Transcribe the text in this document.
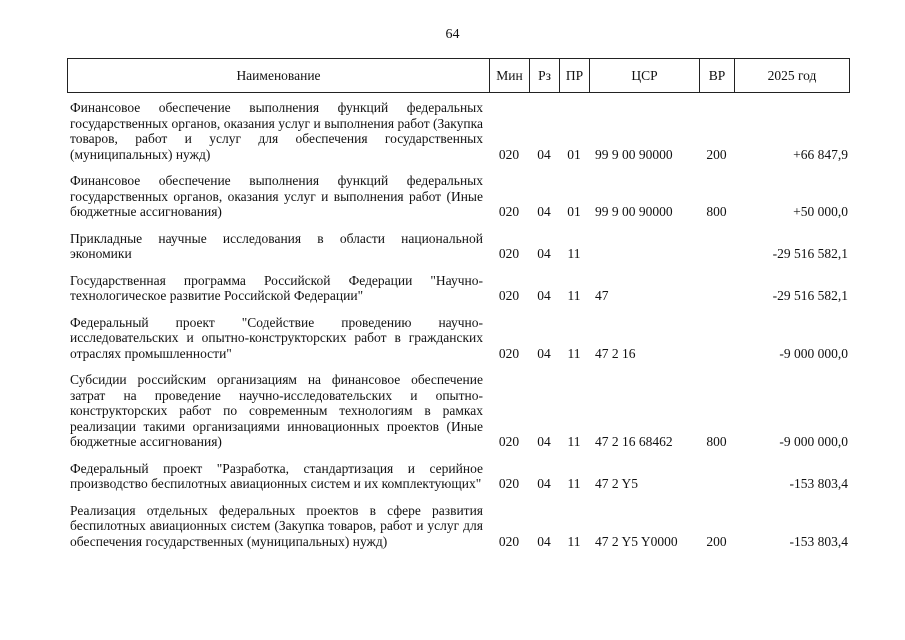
64
Наименование	Мин	Рз	ПР	ЦСР	ВР	2025 год
Финансовое обеспечение выполнения функций федеральных государственных органов, оказания услуг и выполнения работ (Закупка товаров, работ и услуг для обеспечения государственных (муниципальных) нужд)	020	04	01	99 9 00 90000	200	+66 847,9
Финансовое обеспечение выполнения функций федеральных государственных органов, оказания услуг и выполнения работ (Иные бюджетные ассигнования)	020	04	01	99 9 00 90000	800	+50 000,0
Прикладные научные исследования в области национальной экономики	020	04	11			-29 516 582,1
Государственная программа Российской Федерации "Научно-технологическое развитие Российской Федерации"	020	04	11	47		-29 516 582,1
Федеральный проект "Содействие проведению научно-исследовательских и опытно-конструкторских работ в гражданских отраслях промышленности"	020	04	11	47 2 16		-9 000 000,0
Субсидии российским организациям на финансовое обеспечение затрат на проведение научно-исследовательских и опытно-конструкторских работ по современным технологиям в рамках реализации такими организациями инновационных проектов (Иные бюджетные ассигнования)	020	04	11	47 2 16 68462	800	-9 000 000,0
Федеральный проект "Разработка, стандартизация и серийное производство беспилотных авиационных систем и их комплектующих"	020	04	11	47 2 Y5		-153 803,4
Реализация отдельных федеральных проектов в сфере развития беспилотных авиационных систем (Закупка товаров, работ и услуг для обеспечения государственных (муниципальных) нужд)	020	04	11	47 2 Y5 Y0000	200	-153 803,4
